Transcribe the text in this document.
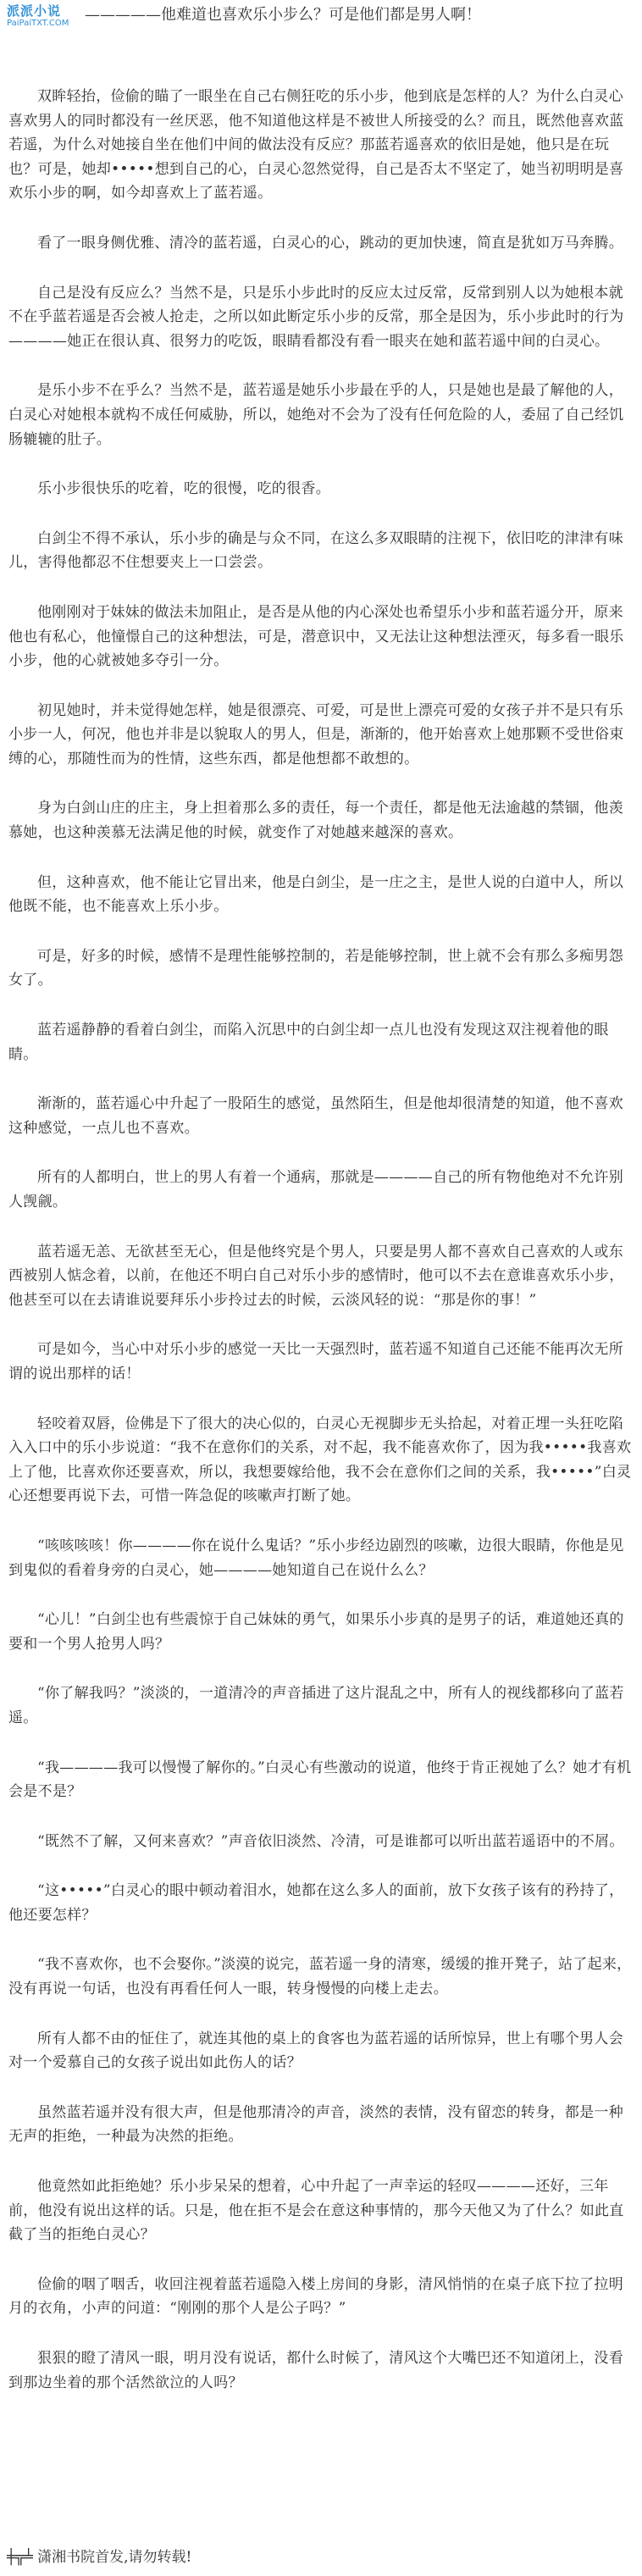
派派小说
PaiPaiTXT.COM	—————他难道也喜欢乐小步么？可是他们都是男人啊！

双眸轻抬，俭偷的瞄了一眼坐在自己右侧狂吃的乐小步，他到底是怎样的人？为什么白灵心喜欢男人的同时都没有一丝厌恶，他不知道他这样是不被世人所接受的么？而且，既然他喜欢蓝若遥，为什么对她接自坐在他们中间的做法没有反应？那蓝若遥喜欢的依旧是她，他只是在玩也？可是，她却•••••想到自己的心，白灵心忽然觉得，自己是否太不坚定了，她当初明明是喜欢乐小步的啊，如今却喜欢上了蓝若遥。

看了一眼身侧优雅、清冷的蓝若遥，白灵心的心，跳动的更加快速，简直是犹如万马奔腾。

自己是没有反应么？当然不是，只是乐小步此时的反应太过反常，反常到别人以为她根本就不在乎蓝若遥是否会被人抢走，之所以如此断定乐小步的反常，那全是因为，乐小步此时的行为————她正在很认真、很努力的吃饭，眼睛看都没有看一眼夹在她和蓝若遥中间的白灵心。

是乐小步不在乎么？当然不是，蓝若遥是她乐小步最在乎的人，只是她也是最了解他的人，白灵心对她根本就构不成任何威胁，所以，她绝对不会为了没有任何危险的人，委屈了自己经饥肠辘辘的肚子。

乐小步很快乐的吃着，吃的很慢，吃的很香。

白剑尘不得不承认，乐小步的确是与众不同，在这么多双眼睛的注视下，依旧吃的津津有味儿，害得他都忍不住想要夹上一口尝尝。

他刚刚对于妹妹的做法未加阻止，是否是从他的内心深处也希望乐小步和蓝若遥分开，原来他也有私心，他憧憬自己的这种想法，可是，潜意识中，又无法让这种想法湮灭，每多看一眼乐小步，他的心就被她多夺引一分。

初见她时，并未觉得她怎样，她是很漂亮、可爱，可是世上漂亮可爱的女孩子并不是只有乐小步一人，何况，他也并非是以貌取人的男人，但是，渐渐的，他开始喜欢上她那颗不受世俗束缚的心，那随性而为的性情，这些东西，都是他想都不敢想的。

身为白剑山庄的庄主，身上担着那么多的责任，每一个责任，都是他无法逾越的禁锢，他羡慕她，也这种羡慕无法满足他的时候，就变作了对她越来越深的喜欢。

但，这种喜欢，他不能让它冒出来，他是白剑尘，是一庄之主，是世人说的白道中人，所以他既不能，也不能喜欢上乐小步。

可是，好多的时候，感情不是理性能够控制的，若是能够控制，世上就不会有那么多痴男怨女了。

蓝若遥静静的看着白剑尘，而陷入沉思中的白剑尘却一点儿也没有发现这双注视着他的眼睛。

渐渐的，蓝若遥心中升起了一股陌生的感觉，虽然陌生，但是他却很清楚的知道，他不喜欢这种感觉，一点儿也不喜欢。

所有的人都明白，世上的男人有着一个通病，那就是————自己的所有物他绝对不允许别人觊觎。

蓝若遥无恙、无欲甚至无心，但是他终究是个男人，只要是男人都不喜欢自己喜欢的人或东西被别人惦念着，以前，在他还不明白自己对乐小步的感情时，他可以不去在意谁喜欢乐小步，他甚至可以在去请谁说要拜乐小步拎过去的时候，云淡风轻的说：“那是你的事！”

可是如今，当心中对乐小步的感觉一天比一天强烈时，蓝若遥不知道自己还能不能再次无所谓的说出那样的话！

轻咬着双唇，俭佛是下了很大的决心似的，白灵心无视脚步无头拾起，对着正埋一头狂吃陷入入口中的乐小步说道：“我不在意你们的关系，对不起，我不能喜欢你了，因为我•••••我喜欢上了他，比喜欢你还要喜欢，所以，我想要嫁给他，我不会在意你们之间的关系，我•••••”白灵心还想要再说下去，可惜一阵急促的咳嗽声打断了她。

“咳咳咳咳！你————你在说什么鬼话？”乐小步经边剧烈的咳嗽，边很大眼睛，你他是见到鬼似的看着身旁的白灵心，她————她知道自己在说什么么？

“心儿！”白剑尘也有些震惊于自己妹妹的勇气，如果乐小步真的是男子的话，难道她还真的要和一个男人抢男人吗？

“你了解我吗？”淡淡的，一道清冷的声音插进了这片混乱之中，所有人的视线都移向了蓝若遥。

“我————我可以慢慢了解你的。”白灵心有些激动的说道，他终于肯正视她了么？她才有机会是不是？

“既然不了解，又何来喜欢？”声音依旧淡然、冷清，可是谁都可以听出蓝若遥语中的不屑。

“这•••••”白灵心的眼中顿动着泪水，她都在这么多人的面前，放下女孩子该有的矜持了，他还要怎样？

“我不喜欢你，也不会娶你。”淡漠的说完，蓝若遥一身的清寒，缓缓的推开凳子，站了起来，没有再说一句话，也没有再看任何人一眼，转身慢慢的向楼上走去。

所有人都不由的怔住了，就连其他的桌上的食客也为蓝若遥的话所惊异，世上有哪个男人会对一个爱慕自己的女孩子说出如此伤人的话？

虽然蓝若遥并没有很大声，但是他那清冷的声音，淡然的表情，没有留恋的转身，都是一种无声的拒绝，一种最为决然的拒绝。

他竟然如此拒绝她？乐小步呆呆的想着，心中升起了一声幸运的轻叹————还好，三年前，他没有说出这样的话。只是，他在拒不是会在意这种事情的，那今天他又为了什么？如此直截了当的拒绝白灵心？

俭偷的咽了咽舌，收回注视着蓝若遥隐入楼上房间的身影，清风悄悄的在桌子底下拉了拉明月的衣角，小声的问道：“刚刚的那个人是公子吗？”

狠狠的瞪了清风一眼，明月没有说话，都什么时候了，清风这个大嘴巴还不知道闭上，没看到那边坐着的那个活然欲泣的人吗？

╪╦╧ 潇湘书院首发,请勿转载!
